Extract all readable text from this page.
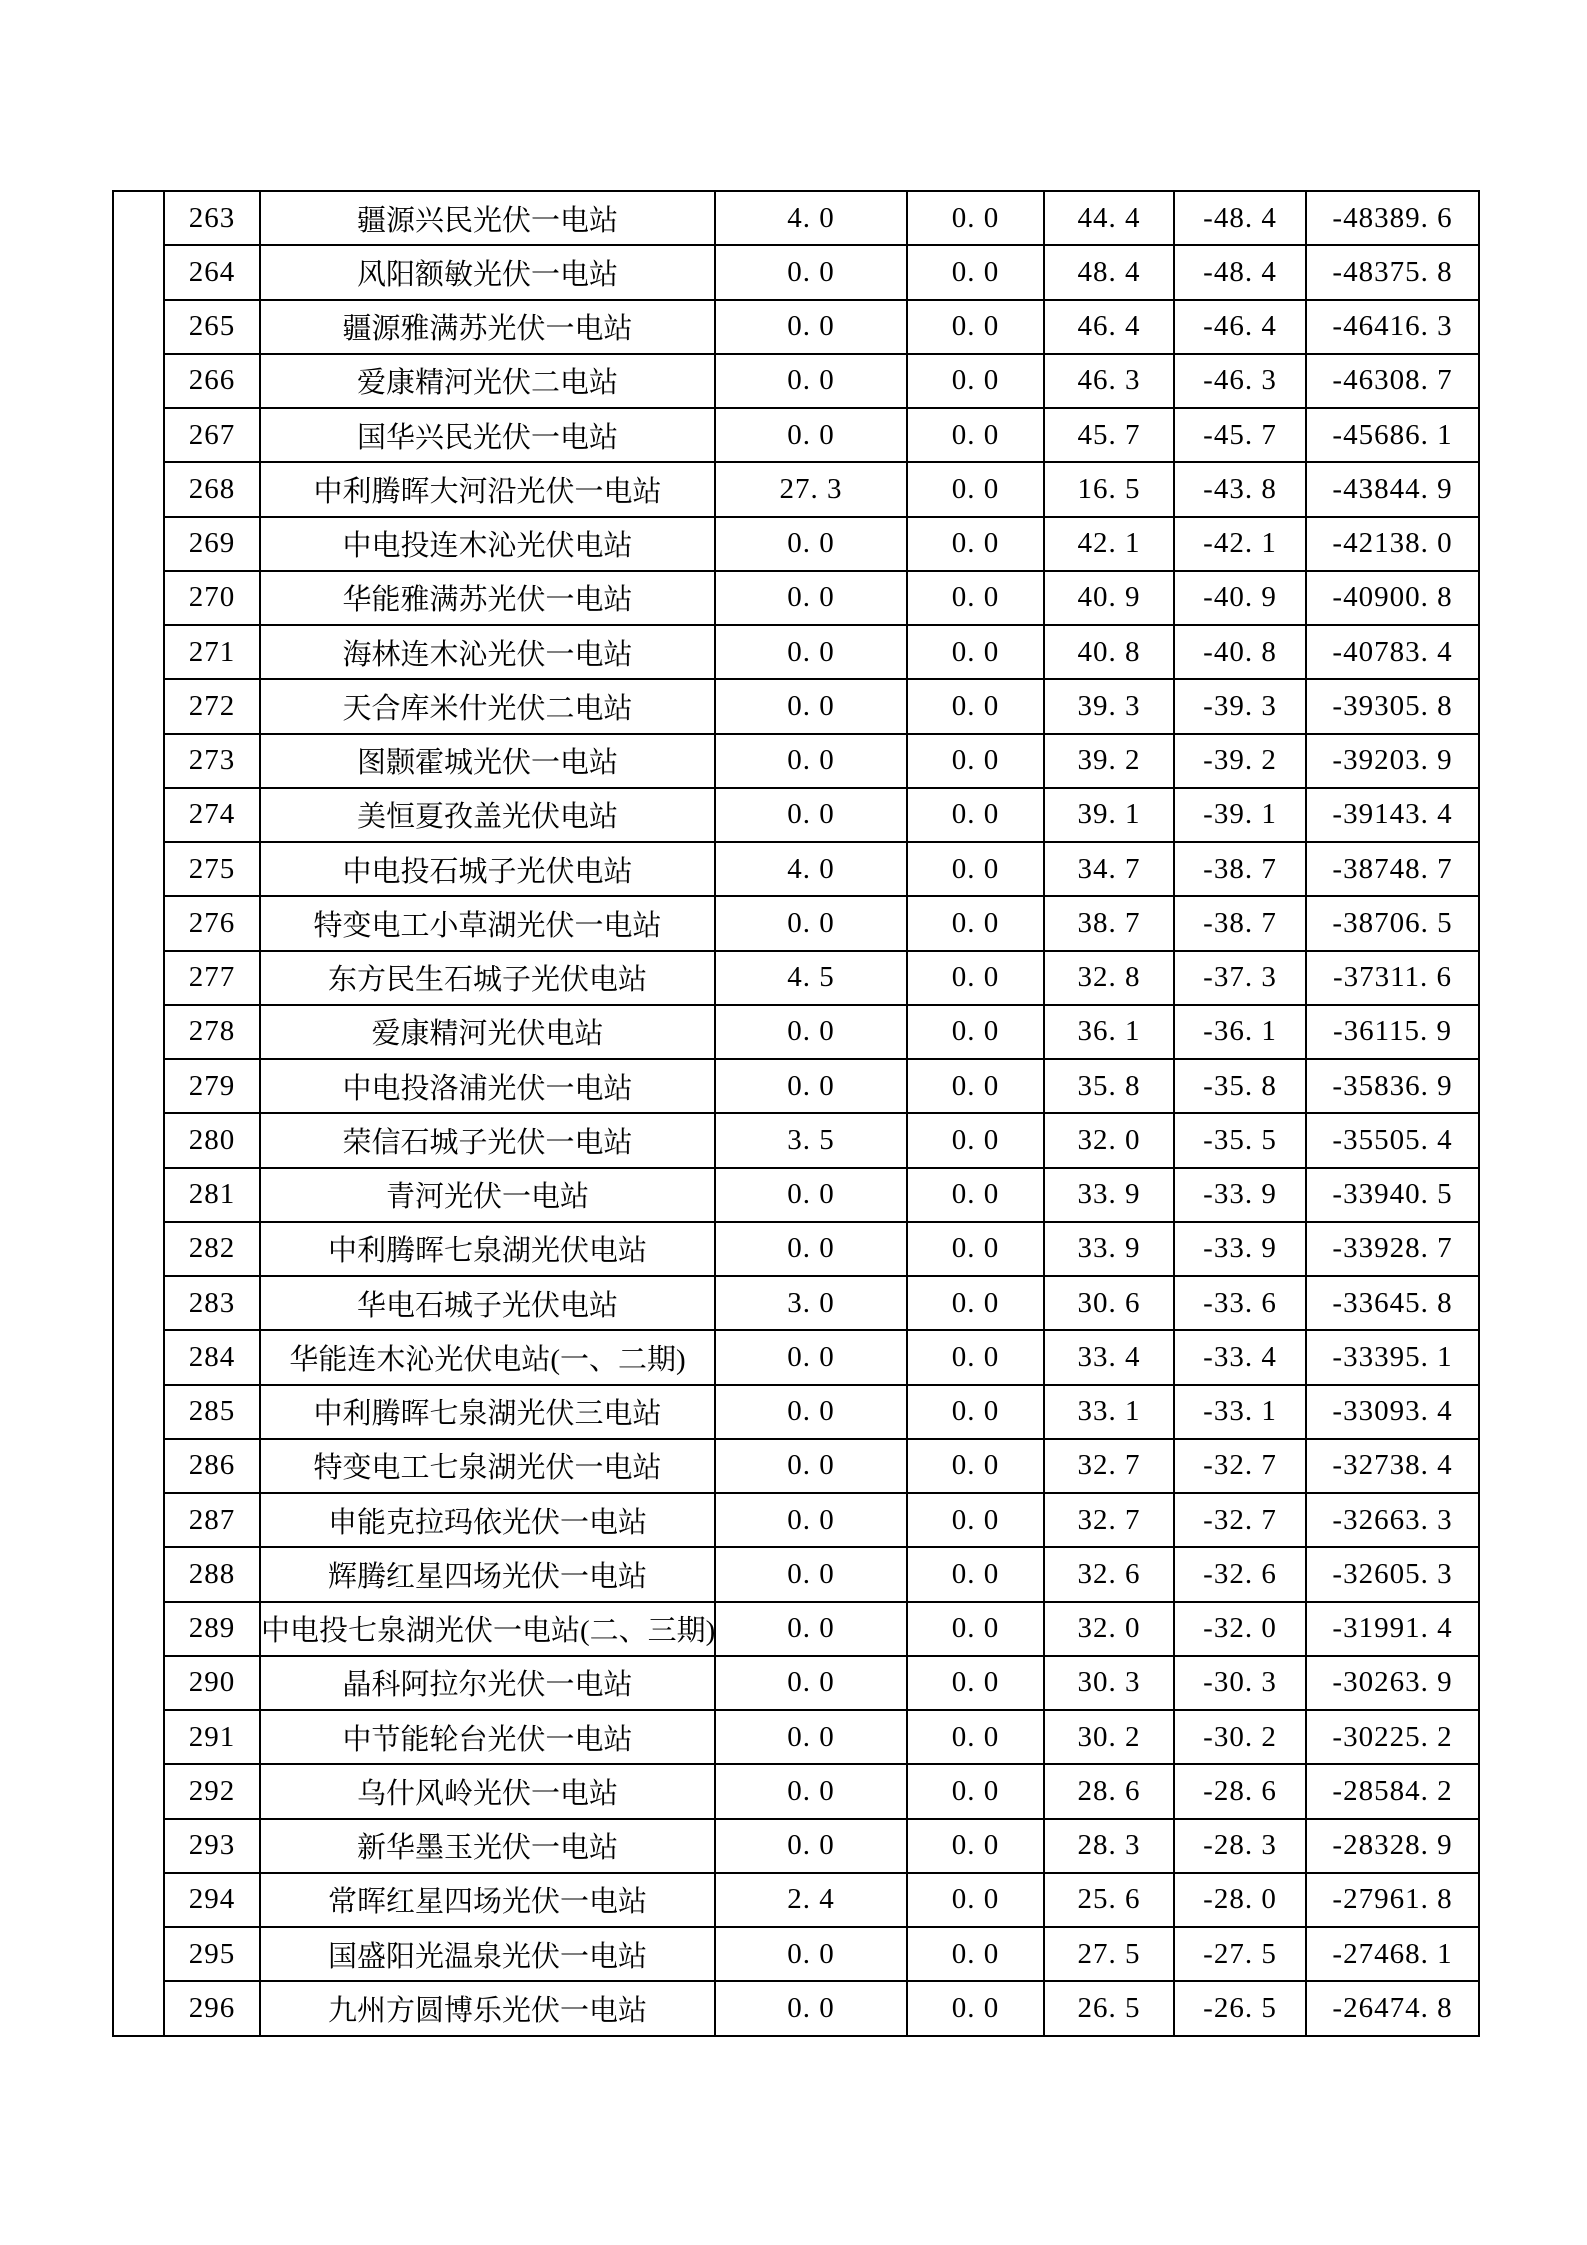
	263	疆源兴民光伏一电站	4. 0	0. 0	44. 4	-48. 4	-48389. 6
	264	风阳额敏光伏一电站	0. 0	0. 0	48. 4	-48. 4	-48375. 8
	265	疆源雅满苏光伏一电站	0. 0	0. 0	46. 4	-46. 4	-46416. 3
	266	爱康精河光伏二电站	0. 0	0. 0	46. 3	-46. 3	-46308. 7
	267	国华兴民光伏一电站	0. 0	0. 0	45. 7	-45. 7	-45686. 1
	268	中利腾晖大河沿光伏一电站	27. 3	0. 0	16. 5	-43. 8	-43844. 9
	269	中电投连木沁光伏电站	0. 0	0. 0	42. 1	-42. 1	-42138. 0
	270	华能雅满苏光伏一电站	0. 0	0. 0	40. 9	-40. 9	-40900. 8
	271	海林连木沁光伏一电站	0. 0	0. 0	40. 8	-40. 8	-40783. 4
	272	天合库米什光伏二电站	0. 0	0. 0	39. 3	-39. 3	-39305. 8
	273	图颢霍城光伏一电站	0. 0	0. 0	39. 2	-39. 2	-39203. 9
	274	美恒夏孜盖光伏电站	0. 0	0. 0	39. 1	-39. 1	-39143. 4
	275	中电投石城子光伏电站	4. 0	0. 0	34. 7	-38. 7	-38748. 7
	276	特变电工小草湖光伏一电站	0. 0	0. 0	38. 7	-38. 7	-38706. 5
	277	东方民生石城子光伏电站	4. 5	0. 0	32. 8	-37. 3	-37311. 6
	278	爱康精河光伏电站	0. 0	0. 0	36. 1	-36. 1	-36115. 9
	279	中电投洛浦光伏一电站	0. 0	0. 0	35. 8	-35. 8	-35836. 9
	280	荣信石城子光伏一电站	3. 5	0. 0	32. 0	-35. 5	-35505. 4
	281	青河光伏一电站	0. 0	0. 0	33. 9	-33. 9	-33940. 5
	282	中利腾晖七泉湖光伏电站	0. 0	0. 0	33. 9	-33. 9	-33928. 7
	283	华电石城子光伏电站	3. 0	0. 0	30. 6	-33. 6	-33645. 8
	284	华能连木沁光伏电站(一、二期)	0. 0	0. 0	33. 4	-33. 4	-33395. 1
	285	中利腾晖七泉湖光伏三电站	0. 0	0. 0	33. 1	-33. 1	-33093. 4
	286	特变电工七泉湖光伏一电站	0. 0	0. 0	32. 7	-32. 7	-32738. 4
	287	申能克拉玛依光伏一电站	0. 0	0. 0	32. 7	-32. 7	-32663. 3
	288	辉腾红星四场光伏一电站	0. 0	0. 0	32. 6	-32. 6	-32605. 3
	289	中电投七泉湖光伏一电站(二、三期)	0. 0	0. 0	32. 0	-32. 0	-31991. 4
	290	晶科阿拉尔光伏一电站	0. 0	0. 0	30. 3	-30. 3	-30263. 9
	291	中节能轮台光伏一电站	0. 0	0. 0	30. 2	-30. 2	-30225. 2
	292	乌什风岭光伏一电站	0. 0	0. 0	28. 6	-28. 6	-28584. 2
	293	新华墨玉光伏一电站	0. 0	0. 0	28. 3	-28. 3	-28328. 9
	294	常晖红星四场光伏一电站	2. 4	0. 0	25. 6	-28. 0	-27961. 8
	295	国盛阳光温泉光伏一电站	0. 0	0. 0	27. 5	-27. 5	-27468. 1
	296	九州方圆博乐光伏一电站	0. 0	0. 0	26. 5	-26. 5	-26474. 8
